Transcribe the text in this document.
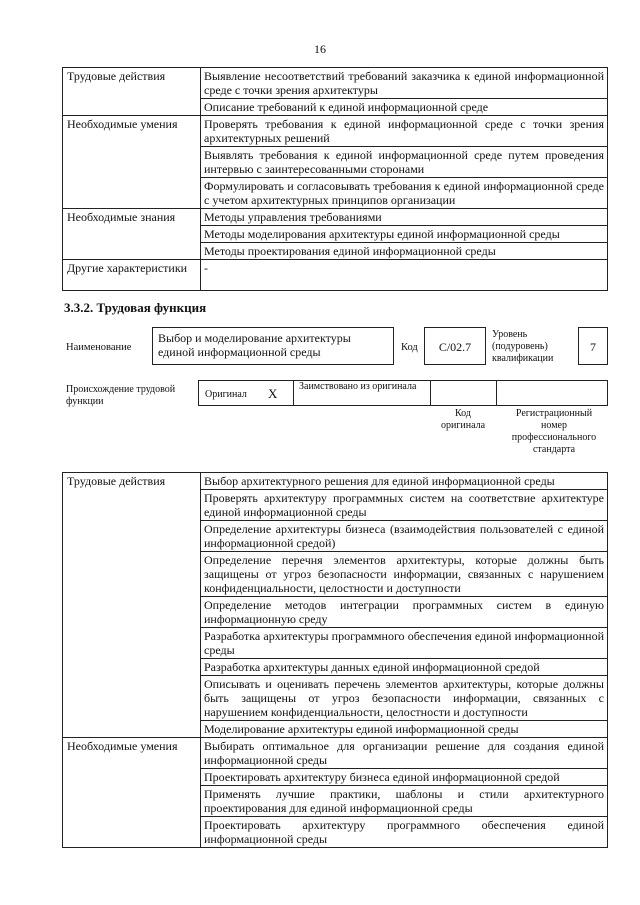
16
Трудовые действия	Выявление несоответствий требований заказчика к единой информационной среде с точки зрения архитектуры
	Описание требований к единой информационной среде
Необходимые умения	Проверять требования к единой информационной среде с точки зрения архитектурных решений
	Выявлять требования к единой информационной среде путем проведения интервью с заинтересованными сторонами
	Формулировать и согласовывать требования к единой информационной среде с учетом архитектурных принципов организации
Необходимые знания	Методы управления требованиями
	Методы моделирования архитектуры единой информационной среды
	Методы проектирования единой информационной среды
Другие характеристики	-
3.3.2. Трудовая функция
Наименование
Выбор и моделирование архитектуры единой информационной среды	Код	C/02.7
Уровень (подуровень) квалификации
7
Происхождение трудовой функции
Оригинал X Заимствовано из оригинала
Код оригинала
Регистрационный номер профессионального стандарта
Трудовые действия	Выбор архитектурного решения для единой информационной среды
	Проверять архитектуру программных систем на соответствие архитектуре единой информационной среды
	Определение архитектуры бизнеса (взаимодействия пользователей с единой информационной средой)
	Определение перечня элементов архитектуры, которые должны быть защищены от угроз безопасности информации, связанных с нарушением конфиденциальности, целостности и доступности
	Определение методов интеграции программных систем в единую информационную среду
	Разработка архитектуры программного обеспечения единой информационной среды
	Разработка архитектуры данных единой информационной средой
	Описывать и оценивать перечень элементов архитектуры, которые должны быть защищены от угроз безопасности информации, связанных с нарушением конфиденциальности, целостности и доступности
	Моделирование архитектуры единой информационной среды
Необходимые умения	Выбирать оптимальное для организации решение для создания единой информационной среды
	Проектировать архитектуру бизнеса единой информационной средой
	Применять лучшие практики, шаблоны и стили архитектурного проектирования для единой информационной среды
	Проектировать архитектуру программного обеспечения единой информационной среды
